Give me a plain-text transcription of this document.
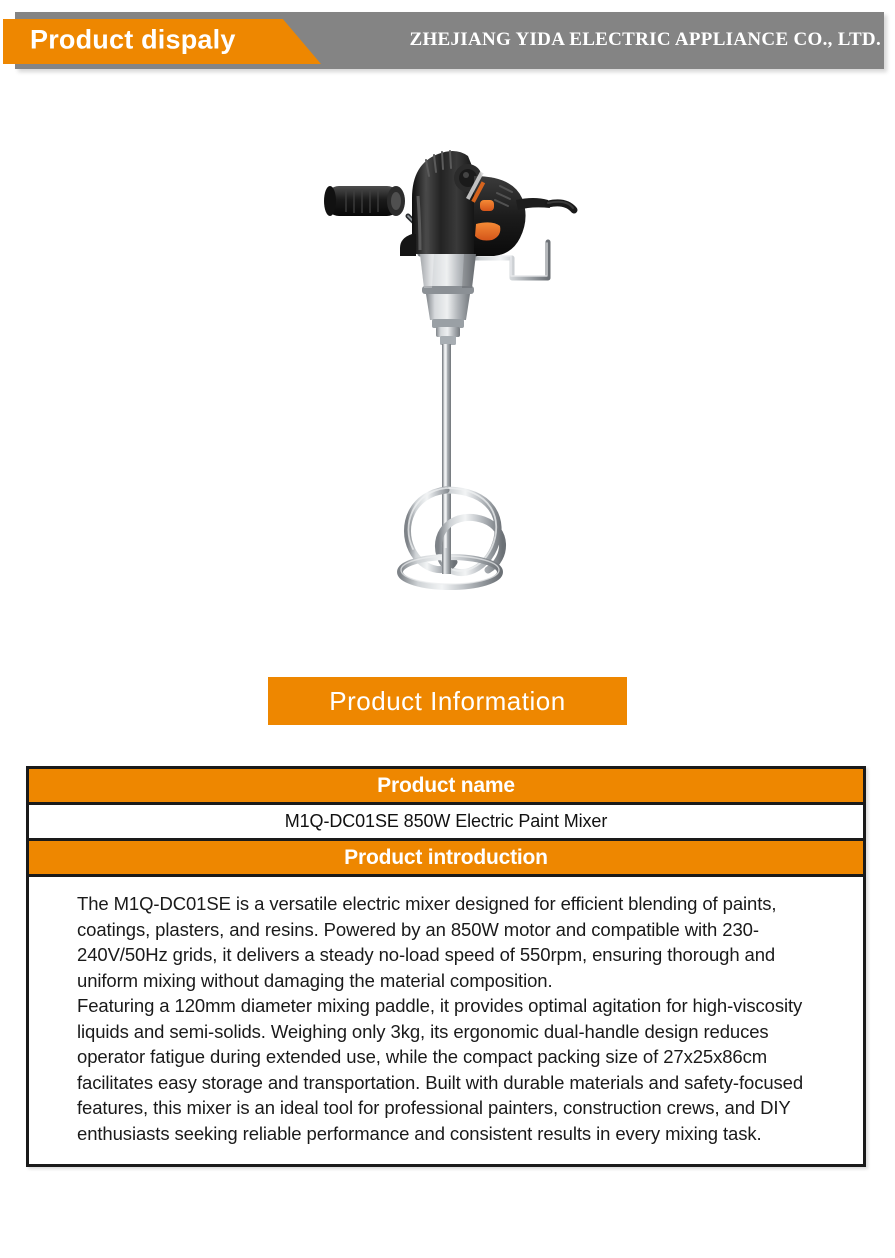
Product dispaly	ZHEJIANG YIDA ELECTRIC APPLIANCE CO., LTD.
Product Information
Product name
M1Q-DC01SE 850W Electric Paint Mixer
Product introduction

The M1Q-DC01SE is a versatile electric mixer designed for efficient blending of paints, coatings, plasters, and resins. Powered by an 850W motor and compatible with 230-240V/50Hz grids, it delivers a steady no-load speed of 550rpm, ensuring thorough and uniform mixing without damaging the material composition.

Featuring a 120mm diameter mixing paddle, it provides optimal agitation for high-viscosity liquids and semi-solids. Weighing only 3kg, its ergonomic dual-handle design reduces operator fatigue during extended use, while the compact packing size of 27x25x86cm facilitates easy storage and transportation. Built with durable materials and safety-focused features, this mixer is an ideal tool for professional painters, construction crews, and DIY enthusiasts seeking reliable performance and consistent results in every mixing task.
